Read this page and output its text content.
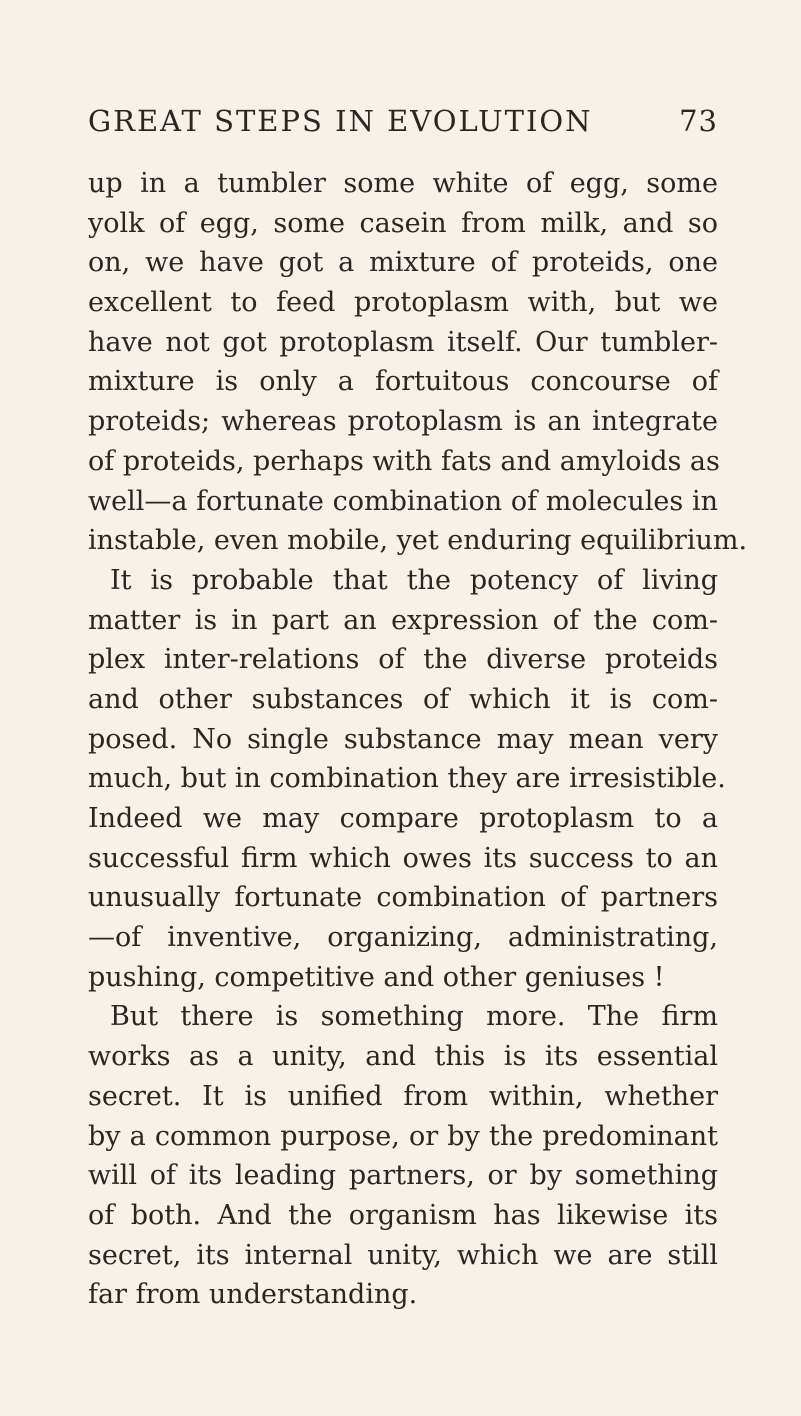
GREAT STEPS IN EVOLUTION	73
up in a tumbler some white of egg, some
yolk of egg, some casein from milk, and so
on, we have got a mixture of proteids, one
excellent to feed protoplasm with, but we
have not got protoplasm itself. Our tumbler-
mixture is only a fortuitous concourse of
proteids; whereas protoplasm is an integrate
of proteids, perhaps with fats and amyloids as
well—a fortunate combination of molecules in
instable, even mobile, yet enduring equilibrium.
It is probable that the potency of living
matter is in part an expression of the com-
plex inter-relations of the diverse proteids
and other substances of which it is com-
posed. No single substance may mean very
much, but in combination they are irresistible.
Indeed we may compare protoplasm to a
successful firm which owes its success to an
unusually fortunate combination of partners
—of inventive, organizing, administrating,
pushing, competitive and other geniuses !
But there is something more. The firm
works as a unity, and this is its essential
secret. It is unified from within, whether
by a common purpose, or by the predominant
will of its leading partners, or by something
of both. And the organism has likewise its
secret, its internal unity, which we are still
far from understanding.
